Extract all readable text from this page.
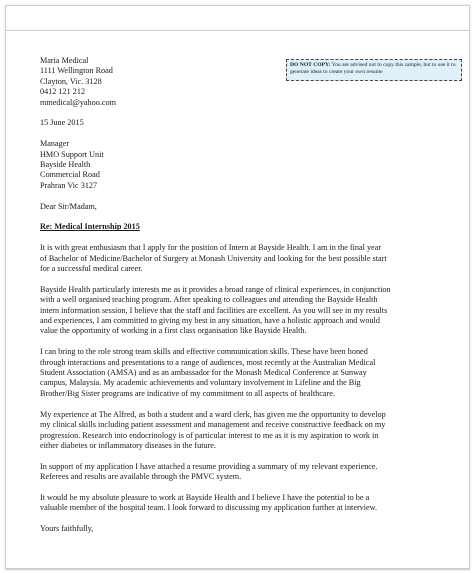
DO NOT COPY: You are advised not to copy this sample, but to use it to generate ideas to create your own resume

Maria Medical

1111 Wellington Road

Clayton, Vic. 3128

0412 121 212

mmedical@yahoo.com

15 June 2015

Manager

HMO Support Unit

Bayside Health

Commercial Road

Prahran Vic 3127

Dear Sir/Madam,

Re: Medical Internship 2015

It is with great enthusiasm that I apply for the position of Intern at Bayside Health. I am in the final year

of Bachelor of Medicine/Bachelor of Surgery at Monash University and looking for the best possible start

for a successful medical career.

Bayside Health particularly interests me as it provides a broad range of clinical experiences, in conjunction

with a well organised teaching program. After speaking to colleagues and attending the Bayside Health

intern information session, I believe that the staff and facilities are excellent. As you will see in my results

and experiences, I am committed to giving my best in any situation, have a holistic approach and would

value the opportunity of working in a first class organisation like Bayside Health.

I can bring to the role strong team skills and effective communication skills. These have been honed

through interactions and presentations to a range of audiences, most recently at the Australian Medical

Student Association (AMSA) and as an ambassador for the Monash Medical Conference at Sunway

campus, Malaysia. My academic achievements and voluntary involvement in Lifeline and the Big

Brother/Big Sister programs are indicative of my commitment to all aspects of healthcare.

My experience at The Alfred, as both a student and a ward clerk, has given me the opportunity to develop

my clinical skills including patient assessment and management and receive constructive feedback on my

progression. Research into endocrinology is of particular interest to me as it is my aspiration to work in

either diabetes or inflammatory diseases in the future.

In support of my application I have attached a resume providing a summary of my relevant experience.

Referees and results are available through the PMVC system.

It would be my absolute pleasure to work at Bayside Health and I believe I have the potential to be a

valuable member of the hospital team. I look forward to discussing my application further at interview.

Yours faithfully,
